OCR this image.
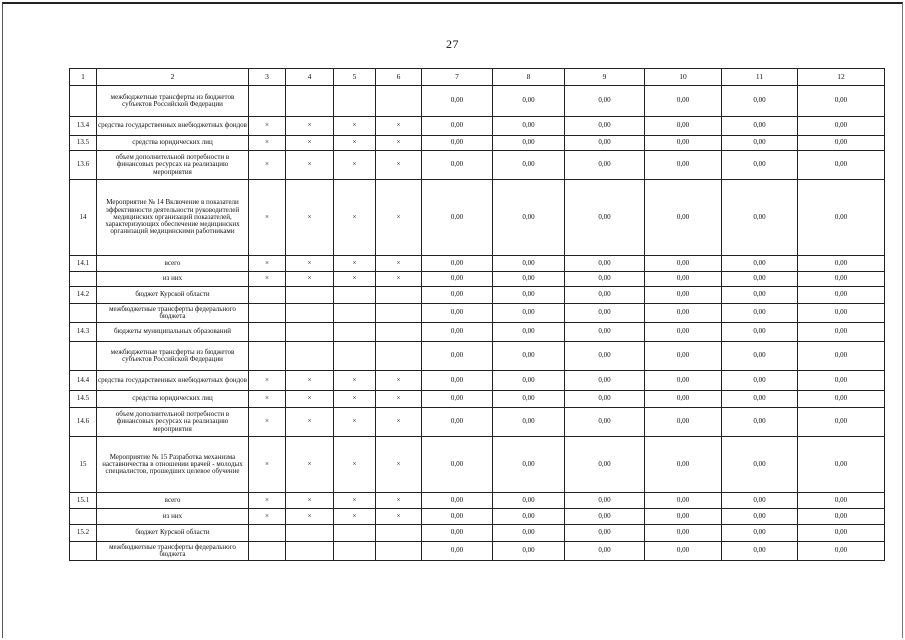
27
1	2	3	4	5	6	7	8	9	10	11	12
	межбюджетные трансферты из бюджетов субъектов Российской Федерации					0,00	0,00	0,00	0,00	0,00	0,00
13.4	средства государственных внебюджетных фондов	×	×	×	×	0,00	0,00	0,00	0,00	0,00	0,00
13.5	средства юридических лиц	×	×	×	×	0,00	0,00	0,00	0,00	0,00	0,00
13.6	объем дополнительной потребности в финансовых ресурсах на реализацию мероприятия	×	×	×	×	0,00	0,00	0,00	0,00	0,00	0,00
14	Мероприятие № 14 Включение в показатели эффективности деятельности руководителей медицинских организаций показателей, характеризующих обеспечение медицинских организаций медицинскими работниками	×	×	×	×	0,00	0,00	0,00	0,00	0,00	0,00
14.1	всего	×	×	×	×	0,00	0,00	0,00	0,00	0,00	0,00
	из них	×	×	×	×	0,00	0,00	0,00	0,00	0,00	0,00
14.2	бюджет Курской области					0,00	0,00	0,00	0,00	0,00	0,00
	межбюджетные трансферты федерального бюджета					0,00	0,00	0,00	0,00	0,00	0,00
14.3	бюджеты муниципальных образований					0,00	0,00	0,00	0,00	0,00	0,00
	межбюджетные трансферты из бюджетов субъектов Российской Федерации					0,00	0,00	0,00	0,00	0,00	0,00
14.4	средства государственных внебюджетных фондов	×	×	×	×	0,00	0,00	0,00	0,00	0,00	0,00
14.5	средства юридических лиц	×	×	×	×	0,00	0,00	0,00	0,00	0,00	0,00
14.6	объем дополнительной потребности в финансовых ресурсах на реализацию мероприятия	×	×	×	×	0,00	0,00	0,00	0,00	0,00	0,00
15	Мероприятие № 15 Разработка механизма наставничества в отношении врачей - молодых специалистов, прошедших целевое обучение	×	×	×	×	0,00	0,00	0,00	0,00	0,00	0,00
15.1	всего	×	×	×	×	0,00	0,00	0,00	0,00	0,00	0,00
	из них	×	×	×	×	0,00	0,00	0,00	0,00	0,00	0,00
15.2	бюджет Курской области					0,00	0,00	0,00	0,00	0,00	0,00
	межбюджетные трансферты федерального бюджета					0,00	0,00	0,00	0,00	0,00	0,00
